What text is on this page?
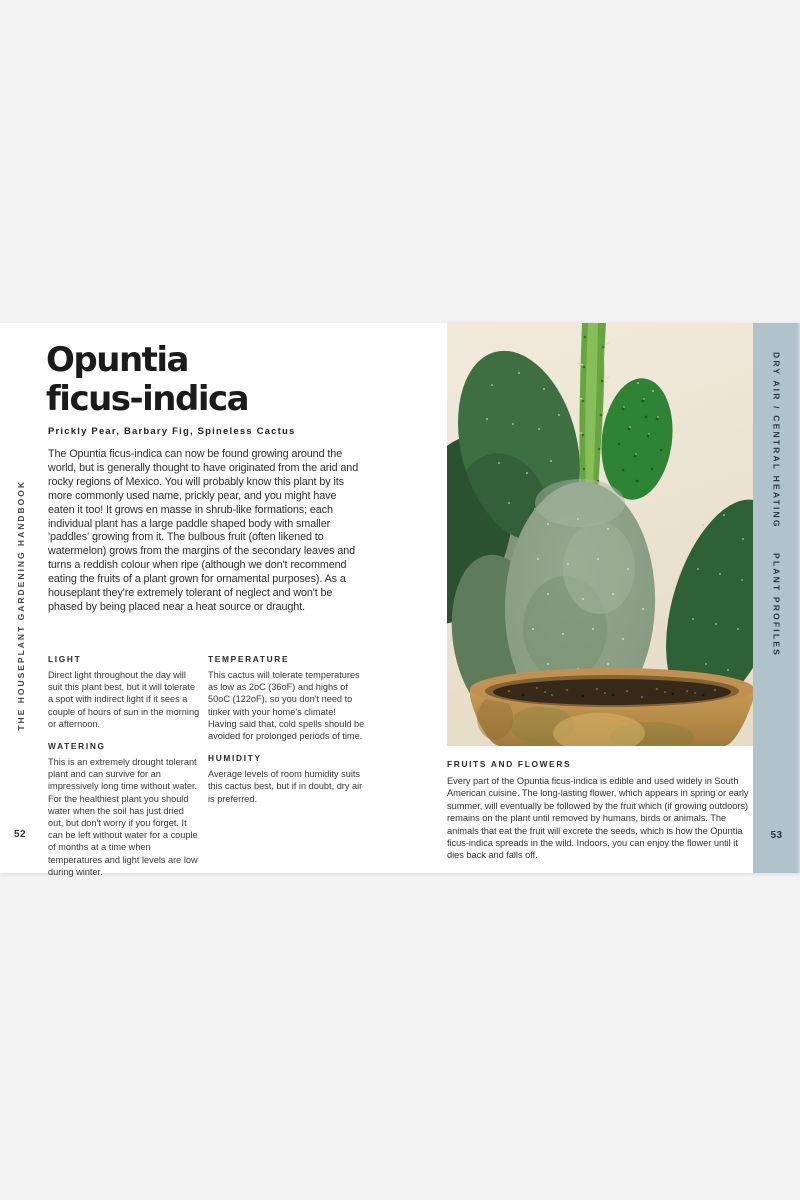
THE HOUSEPLANT GARDENING HANDBOOK
52
Opuntia
ficus-indica
Prickly Pear, Barbary Fig, Spineless Cactus

The Opuntia ficus-indica can now be found growing around the world, but is generally thought to have originated from the arid and rocky regions of Mexico. You will probably know this plant by its more commonly used name, prickly pear, and you might have eaten it too! It grows en masse in shrub-like formations; each individual plant has a large paddle shaped body with smaller 'paddles' growing from it. The bulbous fruit (often likened to watermelon) grows from the margins of the secondary leaves and turns a reddish colour when ripe (although we don't recommend eating the fruits of a plant grown for ornamental purposes). As a houseplant they're extremely tolerant of neglect and won't be phased by being placed near a heat source or draught.

LIGHT

Direct light throughout the day will suit this plant best, but it will tolerate a spot with indirect light if it sees a couple of hours of sun in the morning or afternoon.

WATERING

This is an extremely drought tolerant plant and can survive for an impressively long time without water. For the healthiest plant you should water when the soil has just dried out, but don't worry if you forget. It can be left without water for a couple of months at a time when temperatures and light levels are low during winter.

TEMPERATURE

This cactus will tolerate temperatures as low as 2oC (36oF) and highs of 50oC (122oF), so you don't need to tinker with your home's climate! Having said that, cold spells should be avoided for prolonged periods of time.

HUMIDITY

Average levels of room humidity suits this cactus best, but if in doubt, dry air is preferred.

DRY AIR / CENTRAL HEATING
PLANT PROFILES
53
FRUITS AND FLOWERS

Every part of the Opuntia ficus-indica is edible and used widely in South American cuisine. The long-lasting flower, which appears in spring or early summer, will eventually be followed by the fruit which (if growing outdoors) remains on the plant until removed by humans, birds or animals. The animals that eat the fruit will excrete the seeds, which is how the Opuntia ficus-indica spreads in the wild. Indoors, you can enjoy the flower until it dies back and falls off.
